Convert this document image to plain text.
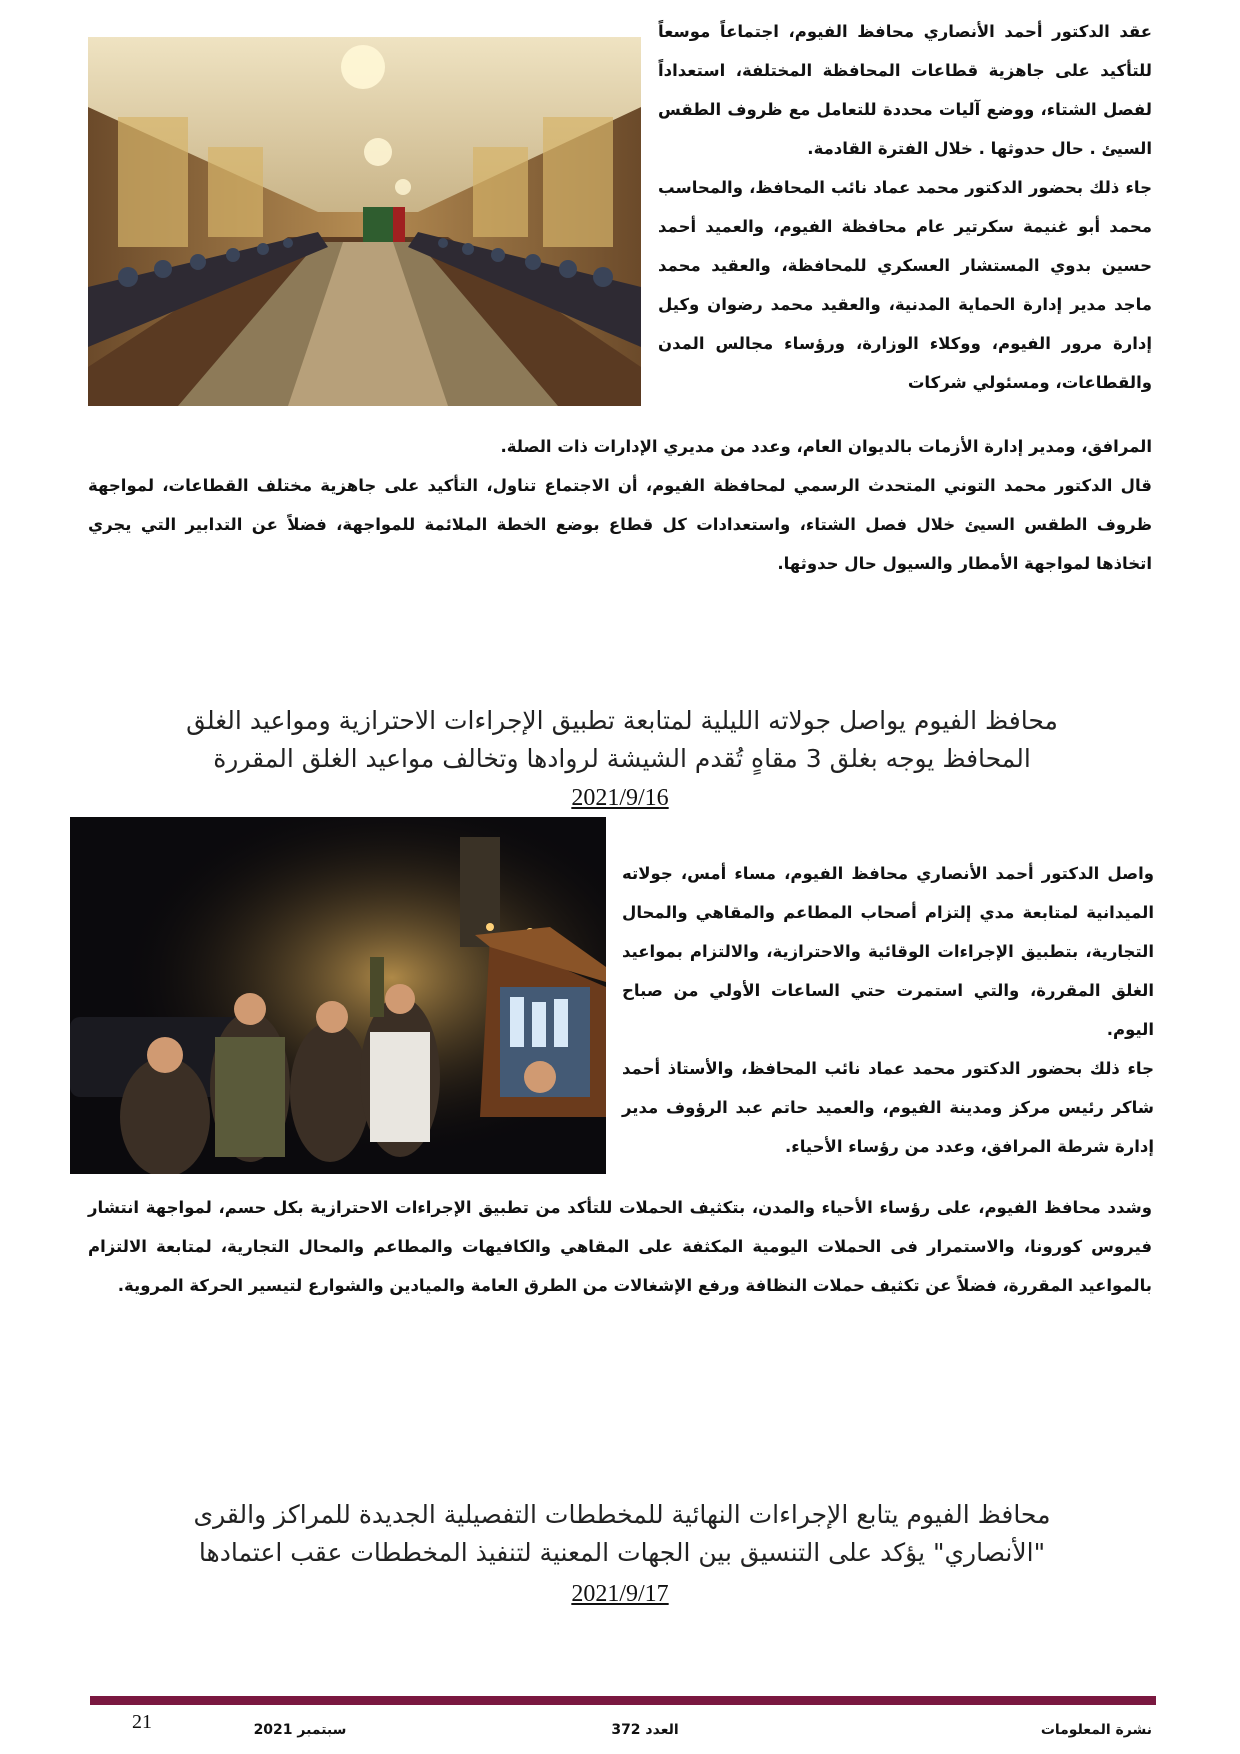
عقد الدكتور أحمد الأنصاري محافظ الفيوم، اجتماعاً موسعاً للتأكيد على جاهزية قطاعات المحافظة المختلفة، استعداداً لفصل الشتاء، ووضع آليات محددة للتعامل مع ظروف الطقس السيئ . حال حدوثها . خلال الفترة القادمة.

جاء ذلك بحضور الدكتور محمد عماد نائب المحافظ، والمحاسب محمد أبو غنيمة سكرتير عام محافظة الفيوم، والعميد أحمد حسين بدوي المستشار العسكري للمحافظة، والعقيد محمد ماجد مدير إدارة الحماية المدنية، والعقيد محمد رضوان وكيل إدارة مرور الفيوم، ووكلاء الوزارة، ورؤساء مجالس المدن والقطاعات، ومسئولي شركات

المرافق، ومدير إدارة الأزمات بالديوان العام، وعدد من مديري الإدارات ذات الصلة.

قال الدكتور محمد التوني المتحدث الرسمي لمحافظة الفيوم، أن الاجتماع تناول، التأكيد على جاهزية مختلف القطاعات، لمواجهة ظروف الطقس السيئ خلال فصل الشتاء، واستعدادات كل قطاع بوضع الخطة الملائمة للمواجهة، فضلاً عن التدابير التي يجري اتخاذها لمواجهة الأمطار والسيول حال حدوثها.

محافظ الفيوم يواصل جولاته الليلية لمتابعة تطبيق الإجراءات الاحترازية ومواعيد الغلق
المحافظ يوجه بغلق 3 مقاهٍ تُقدم الشيشة لروادها وتخالف مواعيد الغلق المقررة
2021/9/16

واصل الدكتور أحمد الأنصاري محافظ الفيوم، مساء أمس، جولاته الميدانية لمتابعة مدي إلتزام أصحاب المطاعم والمقاهي والمحال التجارية، بتطبيق الإجراءات الوقائية والاحترازية، والالتزام بمواعيد الغلق المقررة، والتي استمرت حتي الساعات الأولي من صباح اليوم.

جاء ذلك بحضور الدكتور محمد عماد نائب المحافظ، والأستاذ أحمد شاكر رئيس مركز ومدينة الفيوم، والعميد حاتم عبد الرؤوف مدير إدارة شرطة المرافق، وعدد من رؤساء الأحياء.

وشدد محافظ الفيوم، على رؤساء الأحياء والمدن، بتكثيف الحملات للتأكد من تطبيق الإجراءات الاحترازية بكل حسم، لمواجهة انتشار فيروس كورونا، والاستمرار فى الحملات اليومية المكثفة على المقاهي والكافيهات والمطاعم والمحال التجارية، لمتابعة الالتزام بالمواعيد المقررة، فضلاً عن تكثيف حملات النظافة ورفع الإشغالات من الطرق العامة والميادين والشوارع لتيسير الحركة المروية.

محافظ الفيوم يتابع الإجراءات النهائية للمخططات التفصيلية الجديدة للمراكز والقرى
"الأنصاري" يؤكد على التنسيق بين الجهات المعنية لتنفيذ المخططات عقب اعتمادها
2021/9/17
21	سبتمبر 2021	العدد 372	نشرة المعلومات
